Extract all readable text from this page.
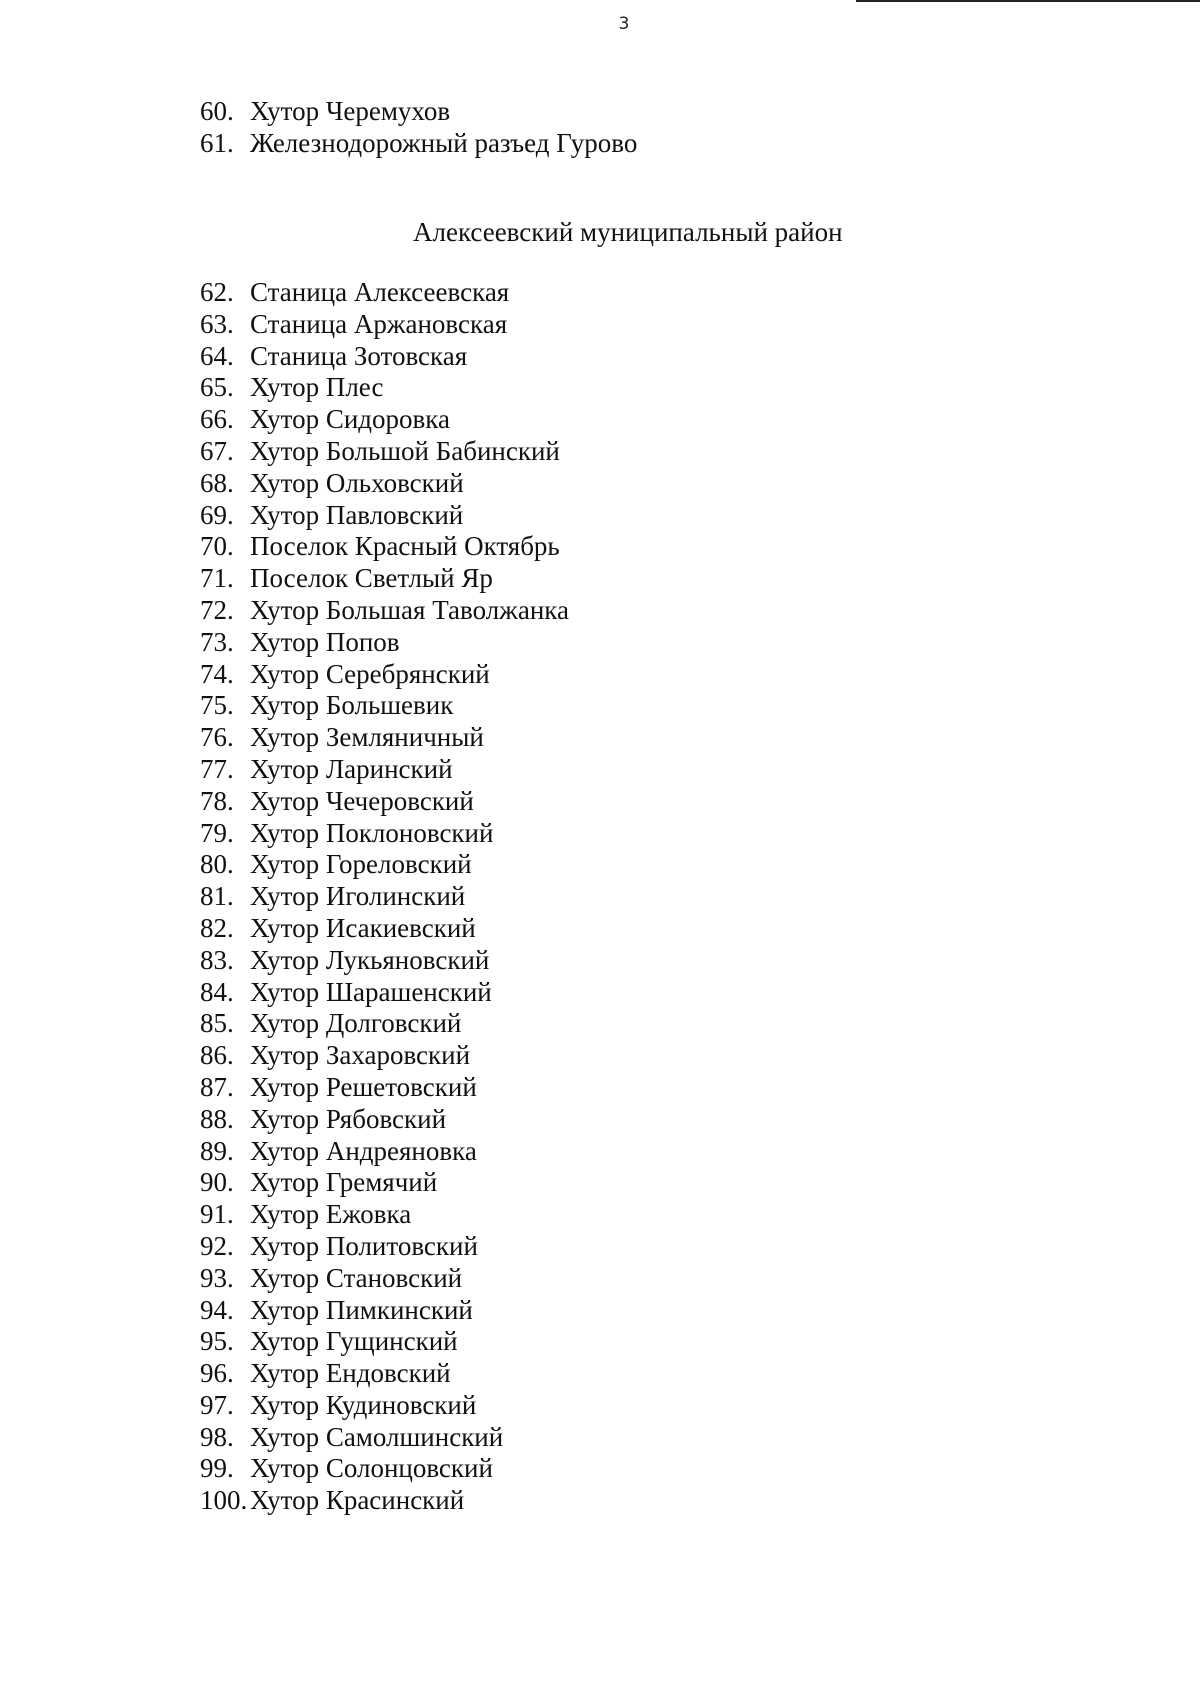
3
60. Хутор Черемухов
61. Железнодорожный разъед Гурово
Алексеевский муниципальный район
62. Станица Алексеевская
63. Станица Аржановская
64. Станица Зотовская
65. Хутор Плес
66. Хутор Сидоровка
67. Хутор Большой Бабинский
68. Хутор Ольховский
69. Хутор Павловский
70. Поселок Красный Октябрь
71. Поселок Светлый Яр
72. Хутор Большая Таволжанка
73. Хутор Попов
74. Хутор Серебрянский
75. Хутор Большевик
76. Хутор Земляничный
77. Хутор Ларинский
78. Хутор Чечеровский
79. Хутор Поклоновский
80. Хутор Гореловский
81. Хутор Иголинский
82. Хутор Исакиевский
83. Хутор Лукьяновский
84. Хутор Шарашенский
85. Хутор Долговский
86. Хутор Захаровский
87. Хутор Решетовский
88. Хутор Рябовский
89. Хутор Андреяновка
90. Хутор Гремячий
91. Хутор Ежовка
92. Хутор Политовский
93. Хутор Становский
94. Хутор Пимкинский
95. Хутор Гущинский
96. Хутор Ендовский
97. Хутор Кудиновский
98. Хутор Самолшинский
99. Хутор Солонцовский
100. Хутор Красинский
